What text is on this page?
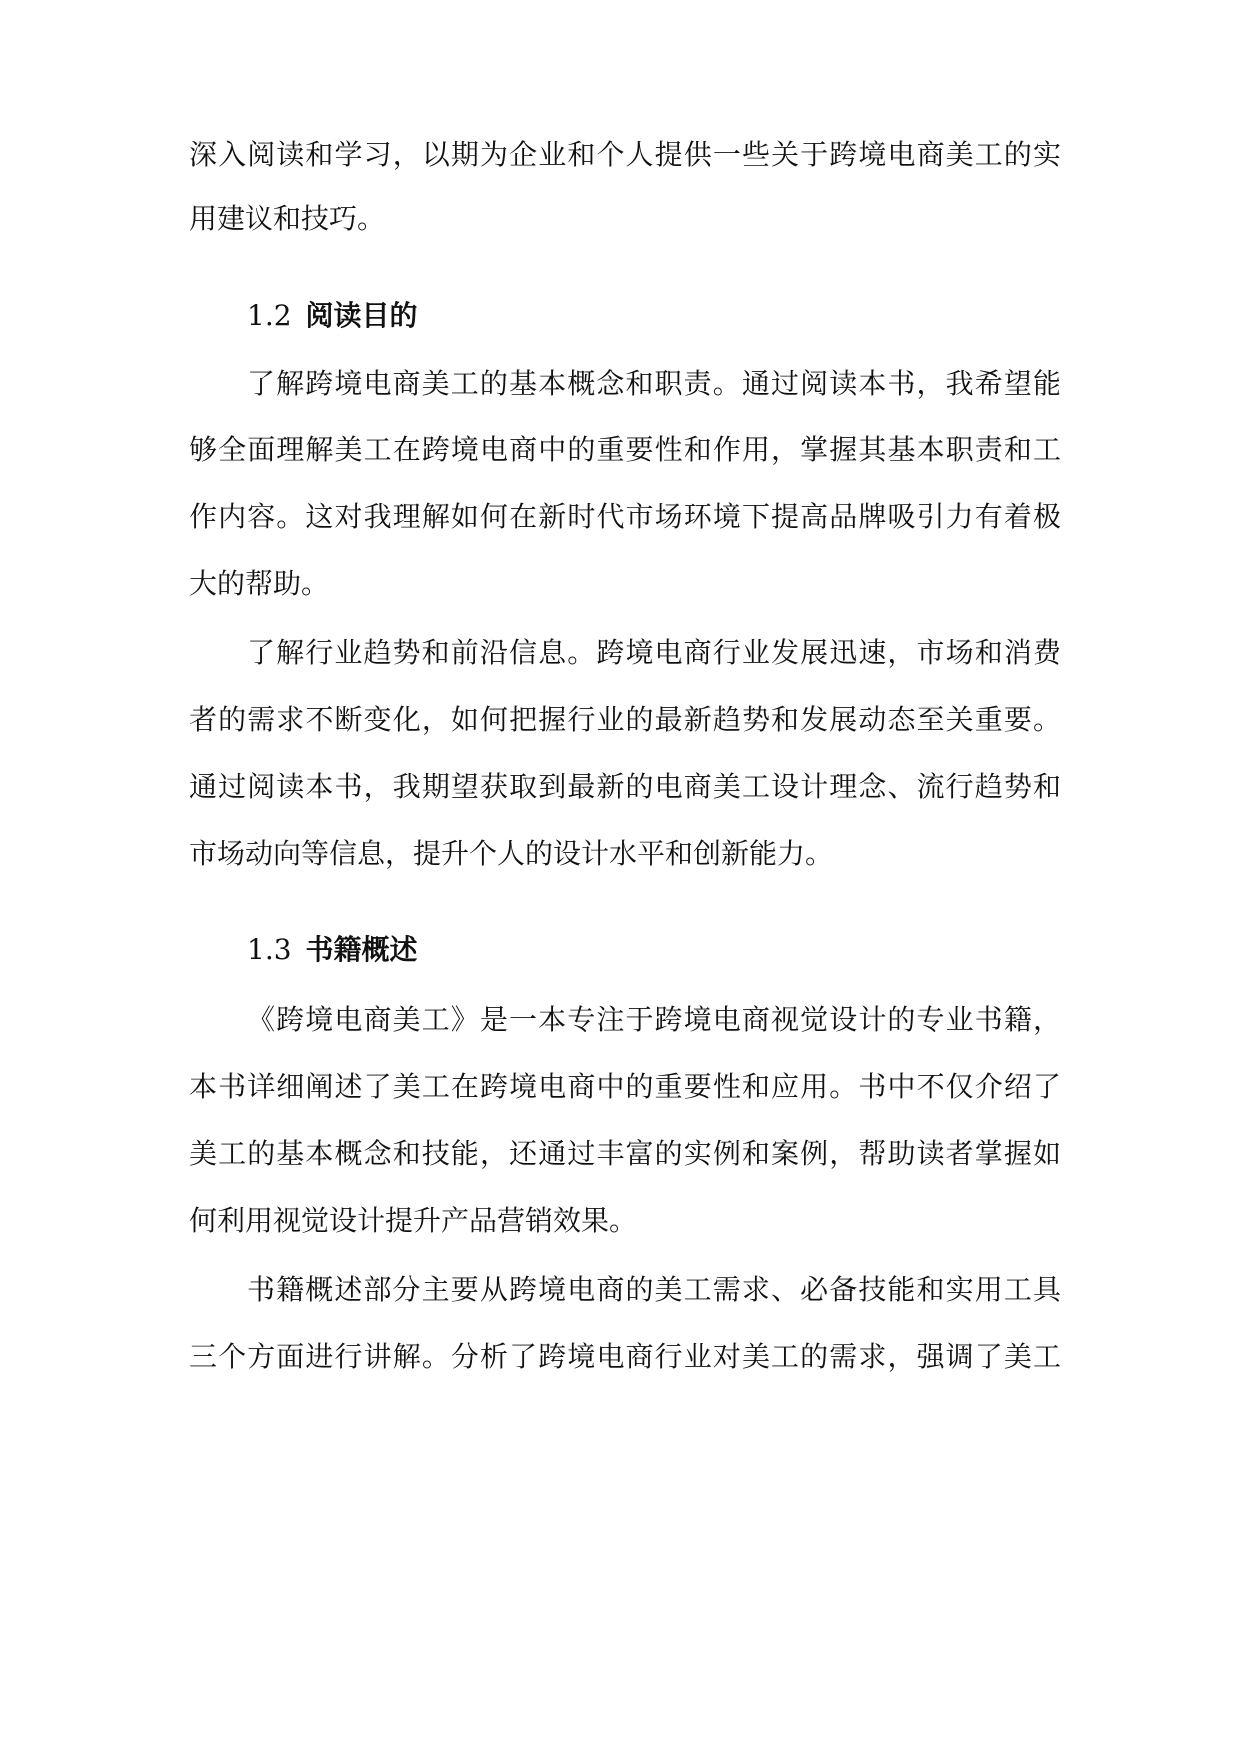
深入阅读和学习，以期为企业和个人提供一些关于跨境电商美工的实
用建议和技巧。
1.2 阅读目的
了解跨境电商美工的基本概念和职责。通过阅读本书，我希望能
够全面理解美工在跨境电商中的重要性和作用，掌握其基本职责和工
作内容。这对我理解如何在新时代市场环境下提高品牌吸引力有着极
大的帮助。
了解行业趋势和前沿信息。跨境电商行业发展迅速，市场和消费
者的需求不断变化，如何把握行业的最新趋势和发展动态至关重要。
通过阅读本书，我期望获取到最新的电商美工设计理念、流行趋势和
市场动向等信息，提升个人的设计水平和创新能力。
1.3 书籍概述
《跨境电商美工》是一本专注于跨境电商视觉设计的专业书籍，
本书详细阐述了美工在跨境电商中的重要性和应用。书中不仅介绍了
美工的基本概念和技能，还通过丰富的实例和案例，帮助读者掌握如
何利用视觉设计提升产品营销效果。
书籍概述部分主要从跨境电商的美工需求、必备技能和实用工具
三个方面进行讲解。分析了跨境电商行业对美工的需求，强调了美工
